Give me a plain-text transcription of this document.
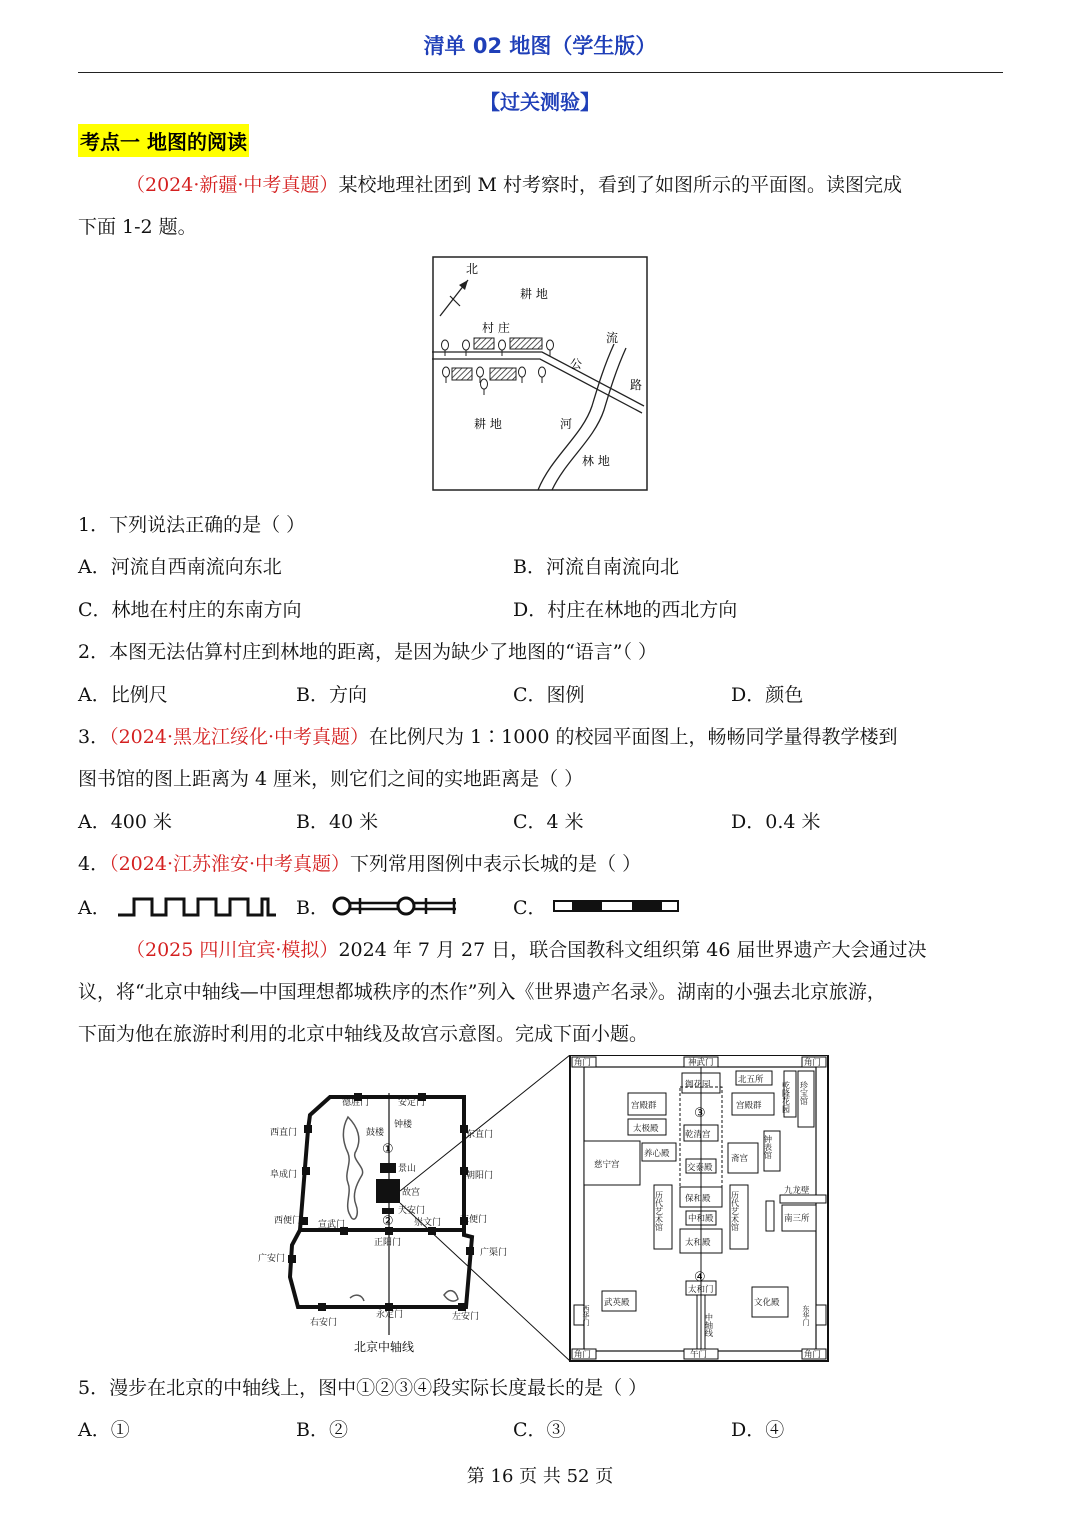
清单 02 地图（学生版）
【过关测验】
考点一 地图的阅读
（2024·新疆·中考真题）某校地理社团到 M 村考察时，看到了如图所示的平面图。读图完成
下面 1-2 题。
北
耕 地
村 庄
公
路
流
河
耕 地
林 地
1．下列说法正确的是（ ）
A．河流自西南流向东北	B．河流自南流向北
C．林地在村庄的东南方向	D．村庄在林地的西北方向
2．本图无法估算村庄到林地的距离，是因为缺少了地图的“语言”（ ）
A．比例尺	B．方向	C．图例	D．颜色
3．（2024·黑龙江绥化·中考真题）在比例尺为 1∶1000 的校园平面图上，畅畅同学量得教学楼到
图书馆的图上距离为 4 厘米，则它们之间的实地距离是（ ）
A．400 米	B．40 米	C．4 米	D．0.4 米
4．（2024·江苏淮安·中考真题）下列常用图例中表示长城的是（ ）
A．	B．	C．
（2025 四川宜宾·模拟）2024 年 7 月 27 日，联合国教科文组织第 46 届世界遗产大会通过决
议，将“北京中轴线—中国理想都城秩序的杰作”列入《世界遗产名录》。湖南的小强去北京旅游，
下面为他在旅游时利用的北京中轴线及故宫示意图。完成下面小题。
德胜门	安定门
西直门	东直门
阜成门	朝阳门
西便门	东便门
宣武门	崇文门
正阳门
广安门
广渠门
右安门
永定门	左安门
鼓楼
钟楼
景山
故宫
天安门
①
②
北京中轴线
角门	角门
角门	角门
神武门
御花园	北五所
宫殿群	宫殿群
太极殿
乾清宫
养心殿
慈宁宫
斋宫
交泰殿
保和殿
中和殿
太和殿
九龙壁
南三所
太和门
武英殿	文化殿
午门
乾隆花园 珍宝馆
钟表馆
历代艺术馆	历代艺术馆
中轴线
西华门	东华门
③
④
5．漫步在北京的中轴线上，图中①②③④段实际长度最长的是（ ）
A．①	B．②	C．③	D．④
第 16 页 共 52 页
